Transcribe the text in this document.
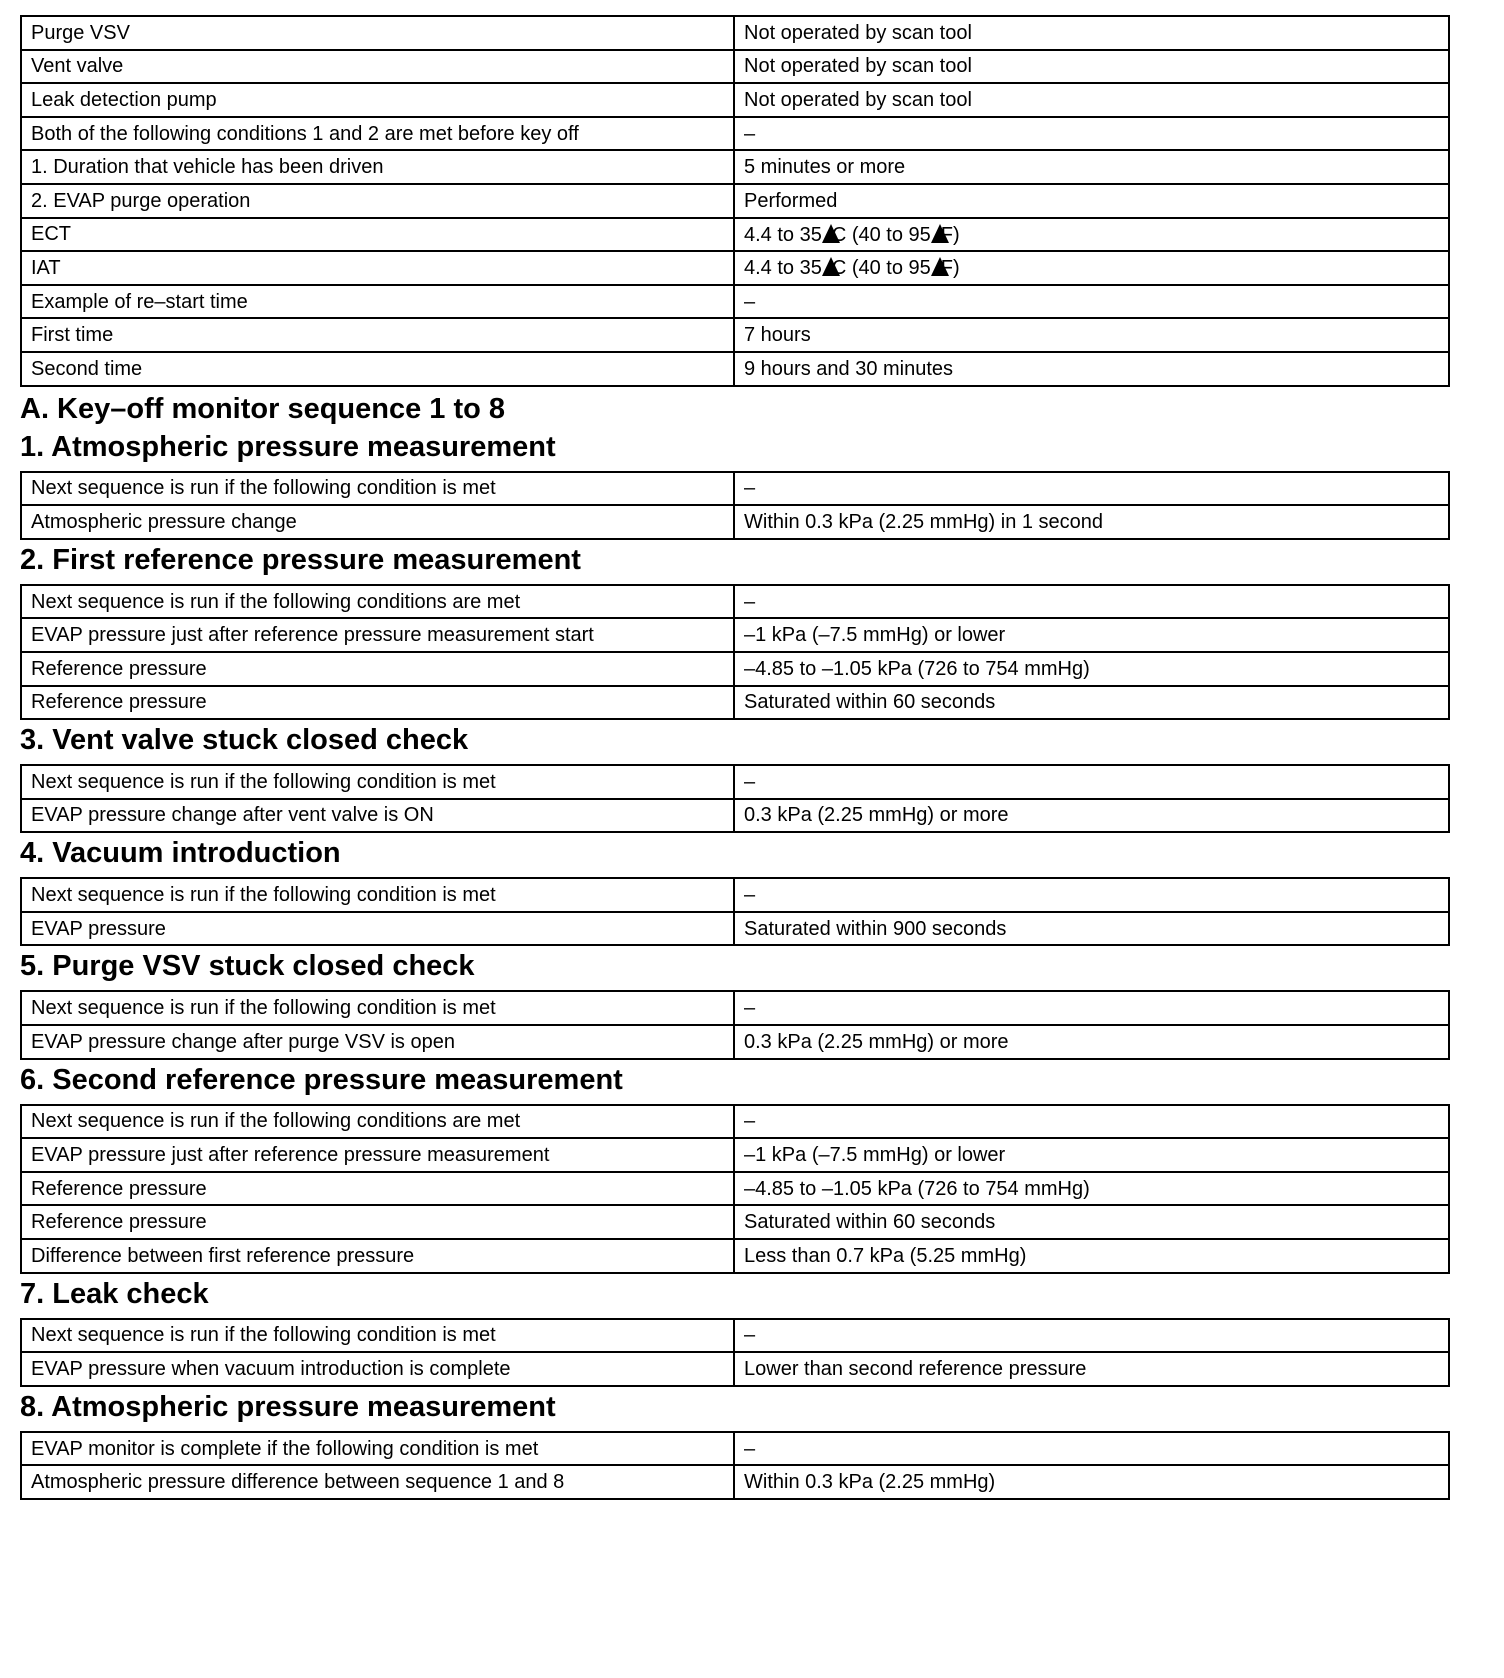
Purge VSV	Not operated by scan tool
Vent valve	Not operated by scan tool
Leak detection pump	Not operated by scan tool
Both of the following conditions 1 and 2 are met before key off	–
1. Duration that vehicle has been driven	5 minutes or more
2. EVAP purge operation	Performed
ECT	4.4 to 35 C (40 to 95 F)
IAT	4.4 to 35 C (40 to 95 F)
Example of re–start time	–
First time	7 hours
Second time	9 hours and 30 minutes
A. Key–off monitor sequence 1 to 8
1. Atmospheric pressure measurement
Next sequence is run if the following condition is met	–
Atmospheric pressure change	Within 0.3 kPa (2.25 mmHg) in 1 second
2. First reference pressure measurement
Next sequence is run if the following conditions are met	–
EVAP pressure just after reference pressure measurement start	–1 kPa (–7.5 mmHg) or lower
Reference pressure	–4.85 to –1.05 kPa (726 to 754 mmHg)
Reference pressure	Saturated within 60 seconds
3. Vent valve stuck closed check
Next sequence is run if the following condition is met	–
EVAP pressure change after vent valve is ON	0.3 kPa (2.25 mmHg) or more
4. Vacuum introduction
Next sequence is run if the following condition is met	–
EVAP pressure	Saturated within 900 seconds
5. Purge VSV stuck closed check
Next sequence is run if the following condition is met	–
EVAP pressure change after purge VSV is open	0.3 kPa (2.25 mmHg) or more
6. Second reference pressure measurement
Next sequence is run if the following conditions are met	–
EVAP pressure just after reference pressure measurement	–1 kPa (–7.5 mmHg) or lower
Reference pressure	–4.85 to –1.05 kPa (726 to 754 mmHg)
Reference pressure	Saturated within 60 seconds
Difference between first reference pressure	Less than 0.7 kPa (5.25 mmHg)
7. Leak check
Next sequence is run if the following condition is met	–
EVAP pressure when vacuum introduction is complete	Lower than second reference pressure
8. Atmospheric pressure measurement
EVAP monitor is complete if the following condition is met	–
Atmospheric pressure difference between sequence 1 and 8	Within 0.3 kPa (2.25 mmHg)
